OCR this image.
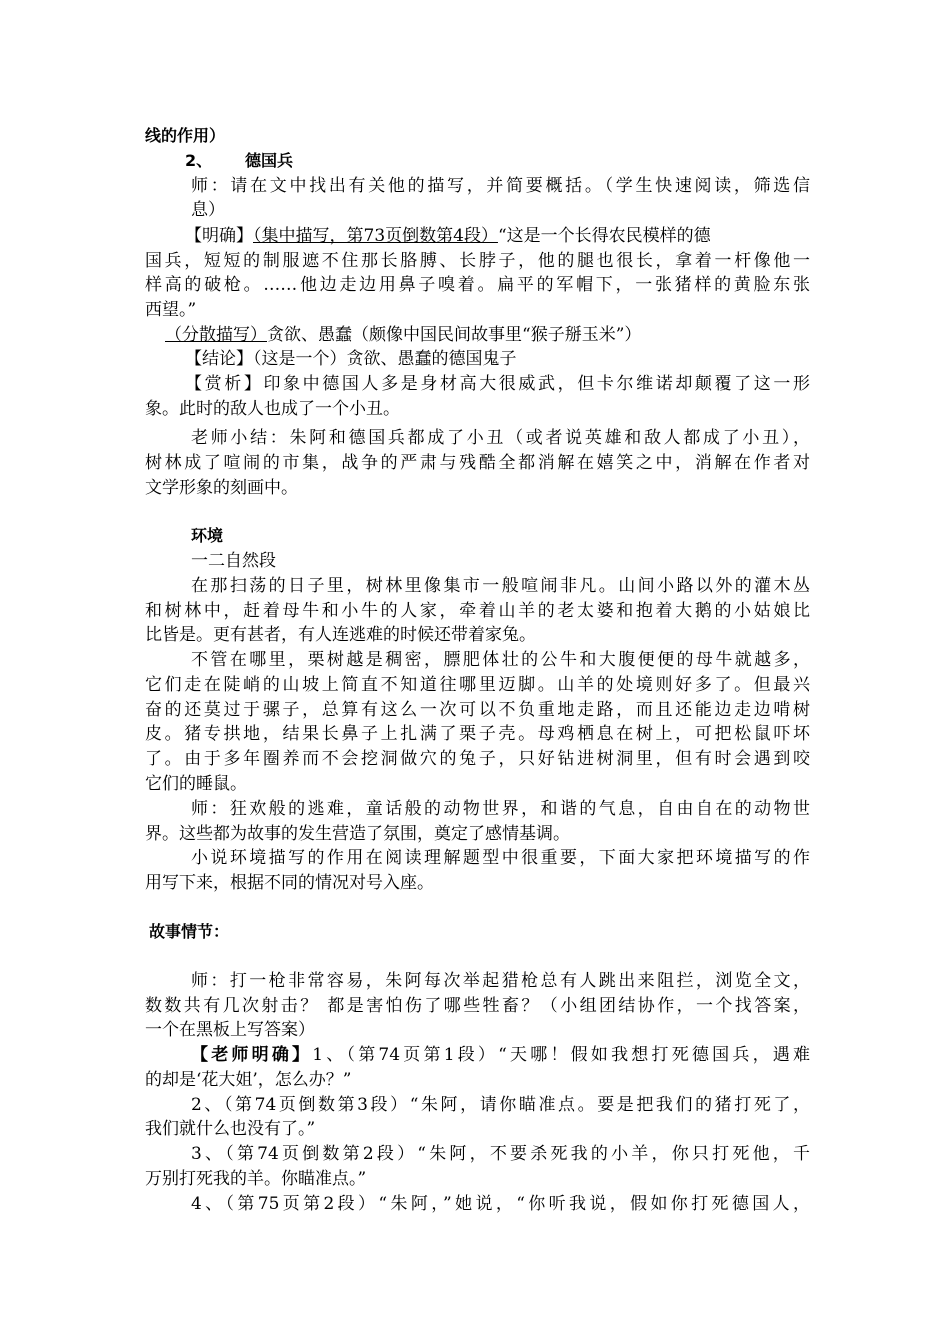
线的作用）
2、 德国兵
师：请在文中找出有关他的描写，并简要概括。（学生快速阅读，筛选信
息）
【明确】（集中描写，第73页倒数第4段）“这是一个长得农民模样的德
国兵，短短的制服遮不住那长胳膊、长脖子，他的腿也很长，拿着一杆像他一
样高的破枪。……他边走边用鼻子嗅着。扁平的军帽下，一张猪样的黄脸东张
西望。”
（分散描写）贪欲、愚蠢（颇像中国民间故事里“猴子掰玉米”）
【结论】（这是一个）贪欲、愚蠢的德国鬼子
【赏析】印象中德国人多是身材高大很威武，但卡尔维诺却颠覆了这一形
象。此时的敌人也成了一个小丑。
老师小结：朱阿和德国兵都成了小丑（或者说英雄和敌人都成了小丑），
树林成了喧闹的市集，战争的严肃与残酷全都消解在嬉笑之中，消解在作者对
文学形象的刻画中。
环境
一二自然段
在那扫荡的日子里，树林里像集市一般喧闹非凡。山间小路以外的灌木丛
和树林中，赶着母牛和小牛的人家，牵着山羊的老太婆和抱着大鹅的小姑娘比
比皆是。更有甚者，有人连逃难的时候还带着家兔。
不管在哪里，栗树越是稠密，膘肥体壮的公牛和大腹便便的母牛就越多，
它们走在陡峭的山坡上简直不知道往哪里迈脚。山羊的处境则好多了。但最兴
奋的还莫过于骡子，总算有这么一次可以不负重地走路，而且还能边走边啃树
皮。猪专拱地，结果长鼻子上扎满了栗子壳。母鸡栖息在树上，可把松鼠吓坏
了。由于多年圈养而不会挖洞做穴的兔子，只好钻进树洞里，但有时会遇到咬
它们的睡鼠。
师：狂欢般的逃难，童话般的动物世界，和谐的气息，自由自在的动物世
界。这些都为故事的发生营造了氛围，奠定了感情基调。
小说环境描写的作用在阅读理解题型中很重要，下面大家把环境描写的作
用写下来，根据不同的情况对号入座。
故事情节：
师：打一枪非常容易，朱阿每次举起猎枪总有人跳出来阻拦，浏览全文，
数数共有几次射击？ 都是害怕伤了哪些牲畜？（小组团结协作，一个找答案，
一个在黑板上写答案）
【老师明确】1、（第74页第1段）“天哪！假如我想打死德国兵，遇难
的却是‘花大姐’，怎么办？”
2、（第74页倒数第3段）“朱阿，请你瞄准点。要是把我们的猪打死了，
我们就什么也没有了。”
3、（第74页倒数第2段）“朱阿，不要杀死我的小羊，你只打死他，千
万别打死我的羊。你瞄准点。”
4、（第75页第2段）“朱阿，”她说，“你听我说，假如你打死德国人，
